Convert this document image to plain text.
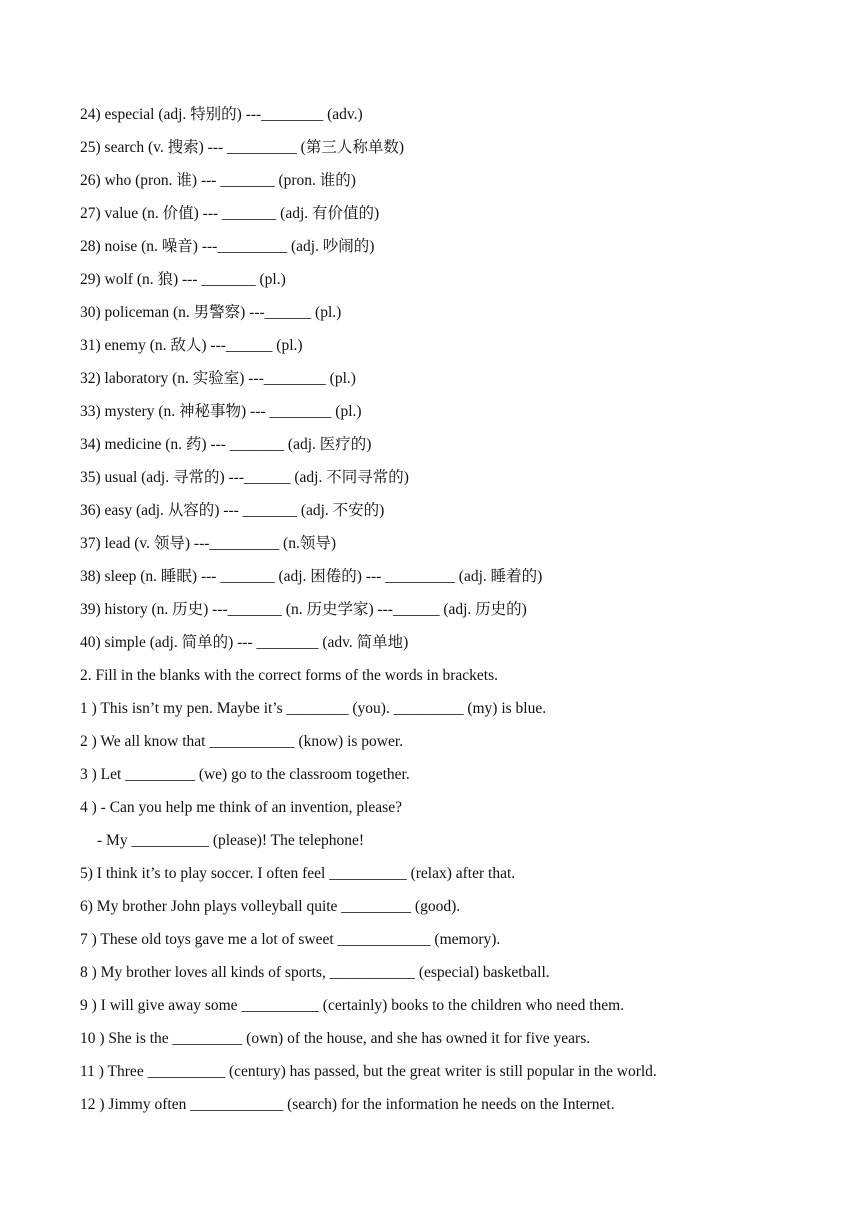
24) especial (adj. 特别的) ---________ (adv.)
25) search (v. 搜索) --- _________ (第三人称单数)
26) who (pron. 谁) --- _______ (pron. 谁的)
27) value (n. 价值) --- _______ (adj. 有价值的)
28) noise (n. 噪音) ---_________ (adj. 吵闹的)
29) wolf (n. 狼) --- _______ (pl.)
30) policeman (n. 男警察) ---______ (pl.)
31) enemy (n. 敌人) ---______ (pl.)
32) laboratory (n. 实验室) ---________ (pl.)
33) mystery (n. 神秘事物) --- ________ (pl.)
34) medicine (n. 药) --- _______ (adj. 医疗的)
35) usual (adj. 寻常的) ---______ (adj. 不同寻常的)
36) easy (adj. 从容的) --- _______ (adj. 不安的)
37) lead (v. 领导) ---_________ (n.领导)
38) sleep (n. 睡眠) --- _______ (adj. 困倦的) --- _________ (adj. 睡着的)
39) history (n. 历史) ---_______ (n. 历史学家) ---______ (adj. 历史的)
40) simple (adj. 简单的) --- ________ (adv. 简单地)
2. Fill in the blanks with the correct forms of the words in brackets.
1 ) This isn’t my pen. Maybe it’s ________ (you). _________ (my) is blue.
2 ) We all know that ___________ (know) is power.
3 ) Let _________ (we) go to the classroom together.
4 ) - Can you help me think of an invention, please?
- My __________ (please)! The telephone!
5) I think it’s to play soccer. I often feel __________ (relax) after that.
6) My brother John plays volleyball quite _________ (good).
7 ) These old toys gave me a lot of sweet ____________ (memory).
8 ) My brother loves all kinds of sports, ___________ (especial) basketball.
9 ) I will give away some __________ (certainly) books to the children who need them.
10 ) She is the _________ (own) of the house, and she has owned it for five years.
11 ) Three __________ (century) has passed, but the great writer is still popular in the world.
12 ) Jimmy often ____________ (search) for the information he needs on the Internet.
